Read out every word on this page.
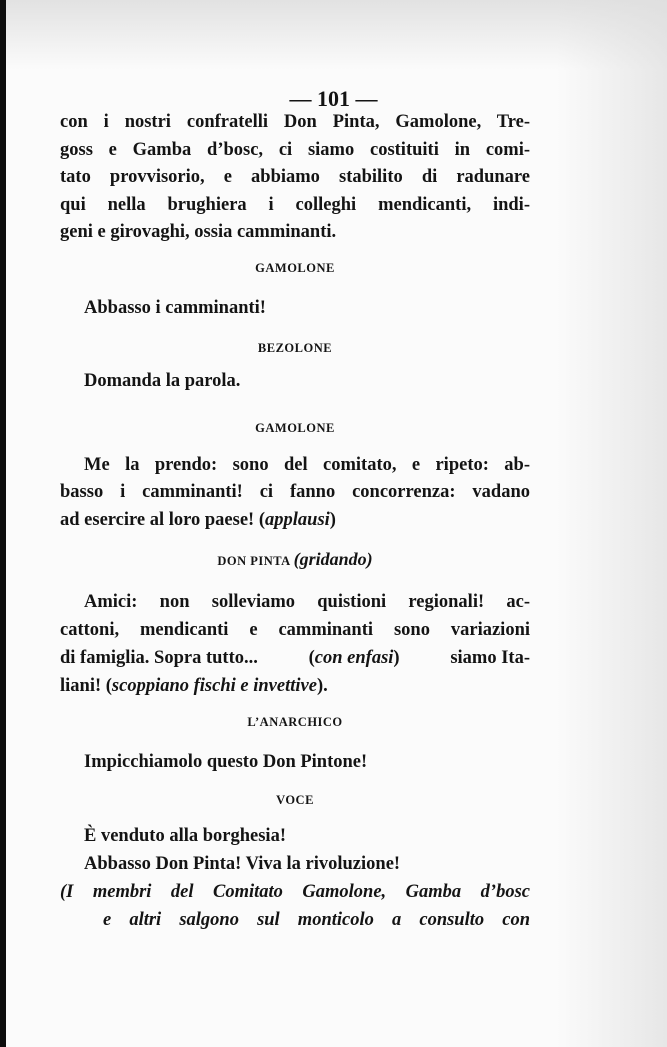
— 101 —
con i nostri confratelli Don Pinta, Gamolone, Tre-
goss e Gamba d’bosc, ci siamo costituiti in comi-
tato provvisorio, e abbiamo stabilito di radunare
qui nella brughiera i colleghi mendicanti, indi-
geni e girovaghi, ossia camminanti.
GAMOLONE
Abbasso i camminanti!
BEZOLONE
Domanda la parola.
GAMOLONE
Me la prendo: sono del comitato, e ripeto: ab-
basso i camminanti! ci fanno concorrenza: vadano
ad esercire al loro paese! (applausi)
DON PINTA (gridando)
Amici: non solleviamo quistioni regionali! ac-
cattoni, mendicanti e camminanti sono variazioni
di famiglia. Sopra tutto...	(con enfasi)	siamo Ita-
liani! (scoppiano fischi e invettive).
L’ANARCHICO
Impicchiamolo questo Don Pintone!
VOCE
È venduto alla borghesia!
Abbasso Don Pinta! Viva la rivoluzione!
(I membri del Comitato Gamolone, Gamba d’bosc
e altri salgono sul monticolo a consulto con
